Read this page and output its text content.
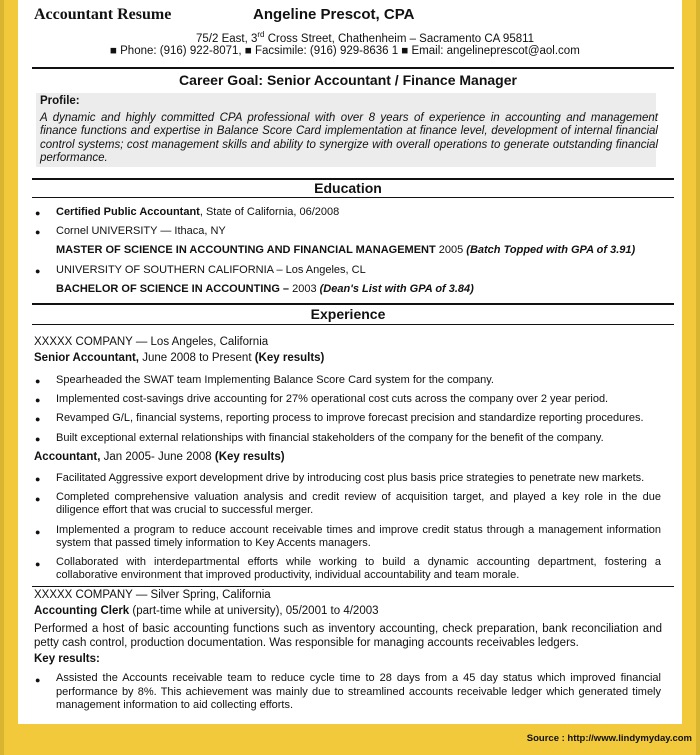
Accountant Resume	Angeline Prescot, CPA
75/2 East, 3rd Cross Street, Chathenheim – Sacramento CA 95811
■ Phone: (916) 922-8071, ■ Facsimile: (916) 929-8636 1 ■ Email: angelineprescot@aol.com
Career Goal: Senior Accountant / Finance Manager
Profile:
A dynamic and highly committed CPA professional with over 8 years of experience in accounting and management finance functions and expertise in Balance Score Card implementation at finance level, development of internal financial control systems; cost management skills and ability to synergize with overall operations to generate outstanding financial performance.
Education
● Certified Public Accountant, State of California, 06/2008
● Cornel UNIVERSITY — Ithaca, NY
MASTER OF SCIENCE IN ACCOUNTING AND FINANCIAL MANAGEMENT 2005 (Batch Topped with GPA of 3.91)
● UNIVERSITY OF SOUTHERN CALIFORNIA – Los Angeles, CL
BACHELOR OF SCIENCE IN ACCOUNTING – 2003 (Dean's List with GPA of 3.84)
Experience
XXXXX COMPANY — Los Angeles, California
Senior Accountant, June 2008 to Present (Key results)
● Spearheaded the SWAT team Implementing Balance Score Card system for the company.
● Implemented cost-savings drive accounting for 27% operational cost cuts across the company over 2 year period.
● Revamped G/L, financial systems, reporting process to improve forecast precision and standardize reporting procedures.
● Built exceptional external relationships with financial stakeholders of the company for the benefit of the company.
Accountant, Jan 2005- June 2008 (Key results)
● Facilitated Aggressive export development drive by introducing cost plus basis price strategies to penetrate new markets.
● Completed comprehensive valuation analysis and credit review of acquisition target, and played a key role in the due diligence effort that was crucial to successful merger.
● Implemented a program to reduce account receivable times and improve credit status through a management information system that passed timely information to Key Accents managers.
● Collaborated with interdepartmental efforts while working to build a dynamic accounting department, fostering a collaborative environment that improved productivity, individual accountability and team morale.
XXXXX COMPANY — Silver Spring, California
Accounting Clerk (part-time while at university), 05/2001 to 4/2003
Performed a host of basic accounting functions such as inventory accounting, check preparation, bank reconciliation and petty cash control, production documentation. Was responsible for managing accounts receivables ledgers.
Key results:
● Assisted the Accounts receivable team to reduce cycle time to 28 days from a 45 day status which improved financial performance by 8%. This achievement was mainly due to streamlined accounts receivable ledger which generated timely management information to aid collecting efforts.
Source : http://www.lindymyday.com
